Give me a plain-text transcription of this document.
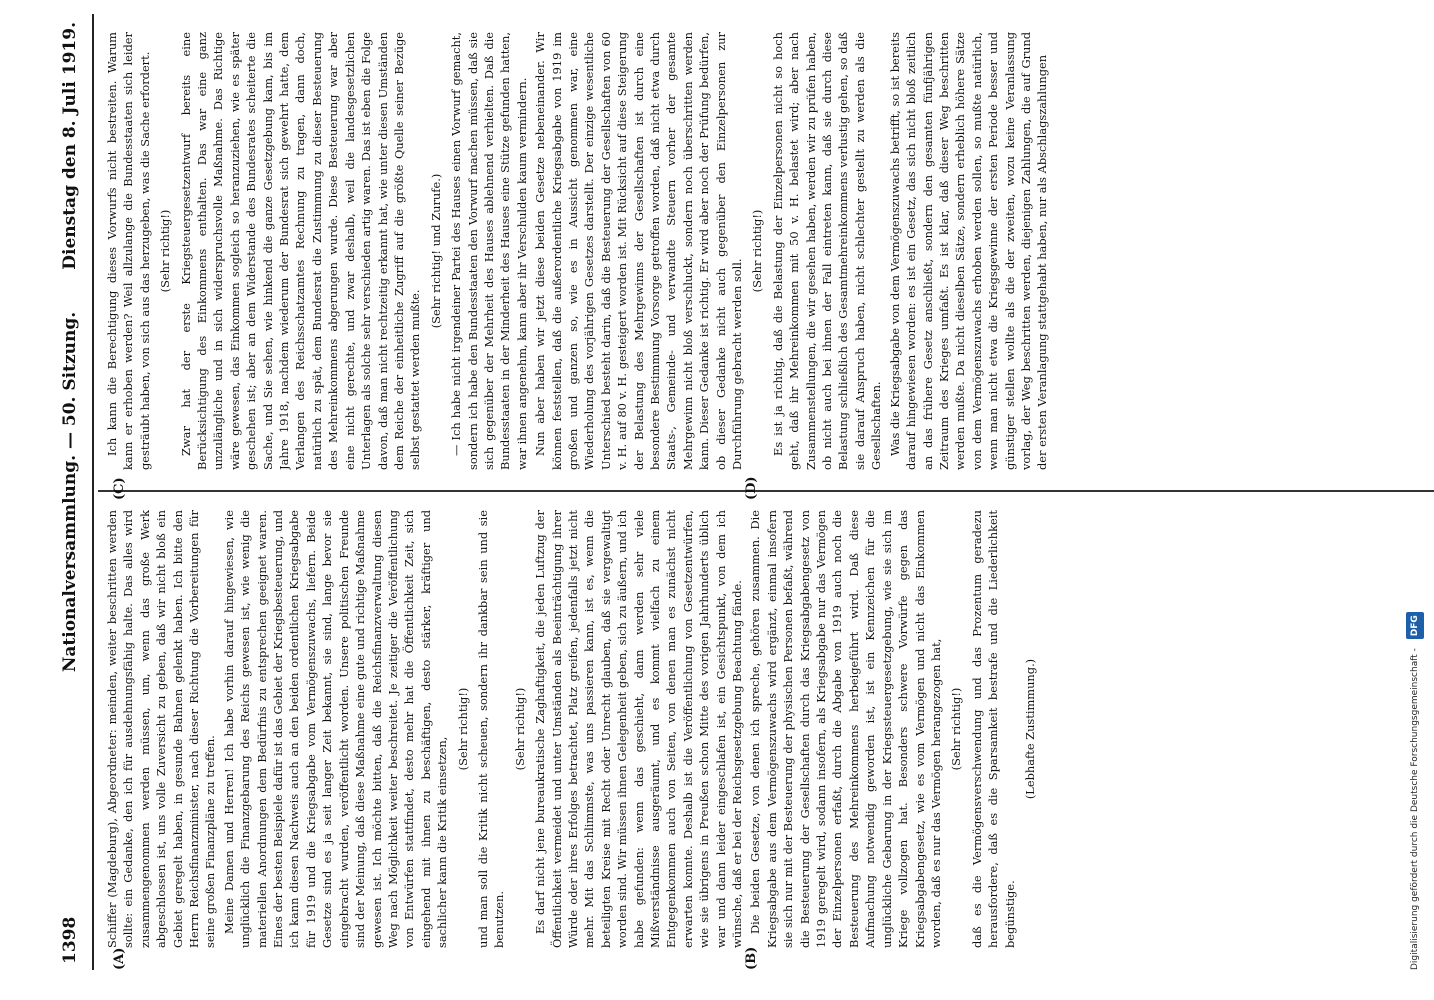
1398
Nationalversammlung. — 50. Sitzung.
Dienstag den 8. Juli 1919.
(A)	(B)
(C)	(D)

Schiffer (Magdeburg), Abgeordneter: meinden, weiter beschritten werden sollte: ein Gedanke, den ich für ausdehnungsfähig halte. Das alles wird zusammengenommen werden müssen, um, wenn das große Werk abgeschlossen ist, uns volle Zuversicht zu geben, daß wir nicht bloß ein Gebiet geregelt haben, in gesunde Bahnen gelenkt haben. Ich bitte den Herrn Reichsfinanzminister, nach dieser Richtung die Vorbereitungen für seine großen Finanzpläne zu treffen. Meine Damen und Herren! Ich habe vorhin darauf hingewiesen, wie unglücklich die Finanzgebarung des Reichs gewesen ist, wie wenig die materiellen Anordnungen dem Bedürfnis zu entsprechen geeignet waren. Eines der besten Beispiele dafür ist das Gebiet der Kriegsbesteuerung, und ich kann diesen Nachweis auch an den beiden ordentlichen Kriegsabgabe für 1919 und die Kriegsabgabe vom Vermögenszuwachs, liefern. Beide Gesetze sind es ja seit langer Zeit bekannt, sie sind, lange bevor sie eingebracht wurden, veröffentlicht worden. Unsere politischen Freunde sind der Meinung, daß diese Maßnahme eine gute und richtige Maßnahme gewesen ist. Ich möchte bitten, daß die Reichsfinanzverwaltung diesen Weg nach Möglichkeit weiter beschreitet. Je zeitiger die Veröffentlichung von Entwürfen stattfindet, desto mehr hat die Öffentlichkeit Zeit, sich eingehend mit ihnen zu beschäftigen, desto stärker, kräftiger und sachlicher kann die Kritik einsetzen,

(Sehr richtig!) und man soll die Kritik nicht scheuen, sondern ihr dankbar sein und sie benutzen.

(Sehr richtig!) Es darf nicht jene bureaukratische Zaghaftigkeit, die jeden Luftzug der Öffentlichkeit vermeidet und unter Umständen als Beeinträchtigung ihrer Würde oder ihres Erfolges betrachtet, Platz greifen, jedenfalls jetzt nicht mehr. Mit das Schlimmste, was uns passieren kann, ist es, wenn die beteiligten Kreise mit Recht oder Unrecht glauben, daß sie vergewaltigt worden sind. Wir müssen ihnen Gelegenheit geben, sich zu äußern, und ich habe gefunden: wenn das geschieht, dann werden sehr viele Mißverständnisse ausgeräumt, und es kommt vielfach zu einem Entgegenkommen auch von Seiten, von denen man es zunächst nicht erwarten konnte. Deshalb ist die Veröffentlichung von Gesetzentwürfen, wie sie übrigens in Preußen schon Mitte des vorigen Jahrhunderts üblich war und dann leider eingeschlafen ist, ein Gesichtspunkt, von dem ich wünsche, daß er bei der Reichsgesetzgebung Beachtung fände. Die beiden Gesetze, von denen ich spreche, gehören zusammen. Die Kriegsabgabe aus dem Vermögenszuwachs wird ergänzt, einmal insofern sie sich nur mit der Besteuerung der physischen Personen befaßt, während die Besteuerung der Gesellschaften durch das Kriegsabgabengesetz von 1919 geregelt wird, sodann insofern, als Kriegsabgabe nur das Vermögen der Einzelpersonen erfaßt, durch die Abgabe von 1919 auch noch die Besteuerung des Mehreinkommens herbeigeführt wird. Daß diese Aufmachung notwendig geworden ist, ist ein Kennzeichen für die unglückliche Gebarung in der Kriegssteuergesetzgebung, wie sie sich im Kriege vollzogen hat. Besonders schwere Vorwürfe gegen das Kriegsabgabengesetz, wie es vom Vermögen und nicht das Einkommen worden, daß es nur das Vermögen herangezogen hat, (Sehr richtig!) daß es die Vermögensverschwendung und das Prozentum geradezu herausfordere, daß es die Sparsamkeit bestrafe und die Liederlichkeit begünstige.

(Lebhafte Zustimmung.)

Ich kann die Berechtigung dieses Vorwurfs nicht bestreiten. Warum kann er erhoben werden? Weil allzulange die Bundesstaaten sich leider gesträubt haben, von sich aus das herzugeben, was die Sache erfordert. (Sehr richtig!) Zwar hat der erste Kriegsteuergesetzentwurf bereits eine Berücksichtigung des Einkommens enthalten. Das war eine ganz unzulängliche und in sich widerspruchsvolle Maßnahme. Das Richtige wäre gewesen, das Einkommen sogleich so heranzuziehen, wie es später geschehen ist; aber an dem Widerstande des Bundesrates scheiterte die Sache, und Sie sehen, wie hinkend die ganze Gesetzgebung kam, bis im Jahre 1918, nachdem wiederum der Bundesrat sich gewehrt hatte, dem Verlangen des Reichsschatzamtes Rechnung zu tragen, dann doch, natürlich zu spät, dem Bundesrat die Zustimmung zu dieser Besteuerung des Mehreinkommens abgerungen wurde. Diese Besteuerung war aber eine nicht gerechte, und zwar deshalb, weil die landesgesetzlichen Unterlagen als solche sehr verschieden artig waren. Das ist eben die Folge davon, daß man nicht rechtzeitig erkannt hat, wie unter diesen Umständen dem Reiche der einheitliche Zugriff auf die größte Quelle seiner Bezüge selbst gestattet werden mußte.

(Sehr richtig! und Zurufe.) — Ich habe nicht irgendeiner Partei des Hauses einen Vorwurf gemacht, sondern ich habe den Bundesstaaten den Vorwurf machen müssen, daß sie sich gegenüber der Mehrheit des Hauses ablehnend verhielten. Daß die Bundesstaaten in der Minderheit des Hauses eine Stütze gefunden hatten, war ihnen angenehm, kann aber ihr Verschulden kaum vermindern. Nun aber haben wir jetzt diese beiden Gesetze nebeneinander. Wir können feststellen, daß die außerordentliche Kriegsabgabe von 1919 im großen und ganzen so, wie es in Aussicht genommen war, eine Wiederholung des vorjährigen Gesetzes darstellt. Der einzige wesentliche Unterschied besteht darin, daß die Besteuerung der Gesellschaften von 60 v. H. auf 80 v. H. gesteigert worden ist. Mit Rücksicht auf diese Steigerung der Belastung des Mehrgewinns der Gesellschaften ist durch eine besondere Bestimmung Vorsorge getroffen worden, daß nicht etwa durch Staats-, Gemeinde- und verwandte Steuern vorher der gesamte Mehrgewinn nicht bloß verschluckt, sondern noch überschritten werden kann. Dieser Gedanke ist richtig. Er wird aber noch der Prüfung bedürfen, ob dieser Gedanke nicht auch gegenüber den Einzelpersonen zur Durchführung gebracht werden soll.

(Sehr richtig!) Es ist ja richtig, daß die Belastung der Einzelpersonen nicht so hoch geht, daß ihr Mehreinkommen mit 50 v. H. belastet wird; aber nach Zusammenstellungen, die wir gesehen haben, werden wir zu prüfen haben, ob nicht auch bei ihnen der Fall eintreten kann, daß sie durch diese Belastung schließlich des Gesamtmehreinkommens verlustig gehen, so daß sie darauf Anspruch haben, nicht schlechter gestellt zu werden als die Gesellschaften. Was die Kriegsabgabe von dem Vermögenszuwachs betrifft, so ist bereits darauf hingewiesen worden: es ist ein Gesetz, das sich nicht bloß zeitlich an das frühere Gesetz anschließt, sondern den gesamten fünfjährigen Zeitraum des Krieges umfaßt. Es ist klar, daß dieser Weg beschritten werden mußte. Da nicht dieselben Sätze, sondern erheblich höhere Sätze von dem Vermögenszuwachs erhoben werden sollen, so mußte natürlich, wenn man nicht etwa die Kriegsgewinne der ersten Periode besser und günstiger stellen wollte als die der zweiten, wozu keine Veranlassung vorlag, der Weg beschritten werden, diejenigen Zahlungen, die auf Grund der ersten Veranlagung stattgehabt haben, nur als Abschlagszahlungen

Digitalisierung gefördert durch die Deutsche Forschungsgemeinschaft - DFG
